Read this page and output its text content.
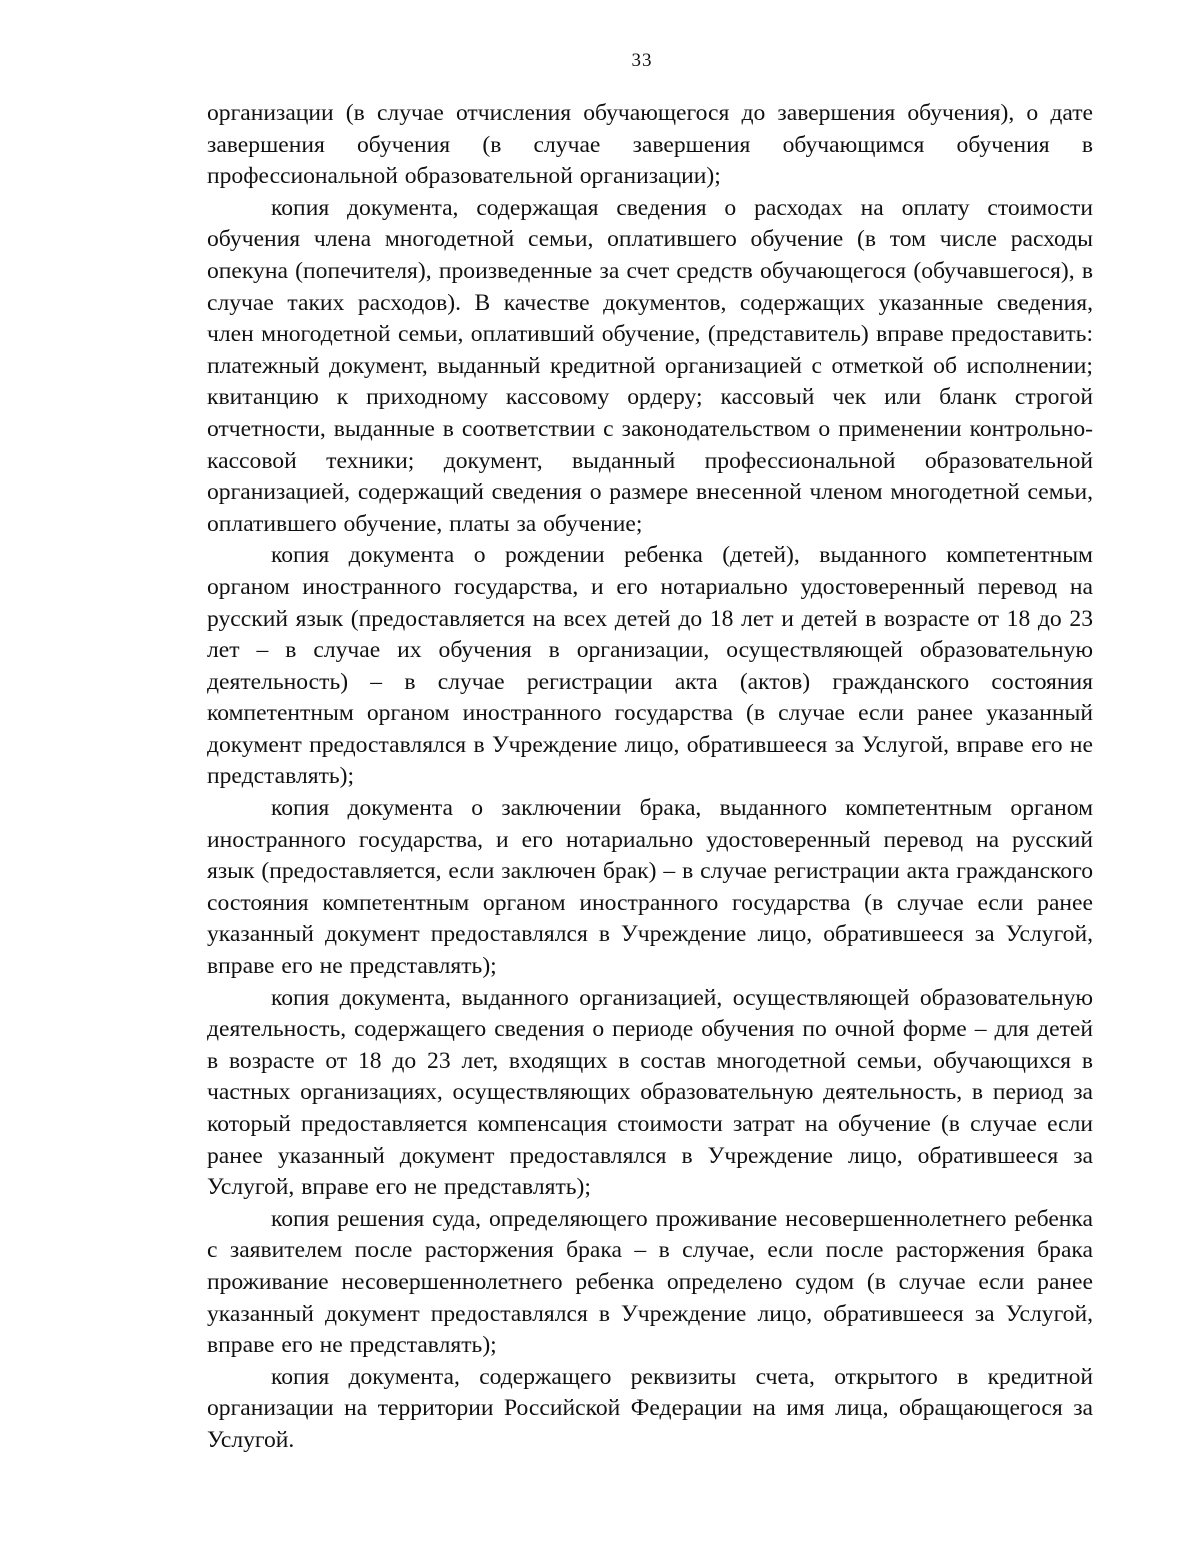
33

организации (в случае отчисления обучающегося до завершения обучения), о дате завершения обучения (в случае завершения обучающимся обучения в профессиональной образовательной организации);

копия документа, содержащая сведения о расходах на оплату стоимости обучения члена многодетной семьи, оплатившего обучение (в том числе расходы опекуна (попечителя), произведенные за счет средств обучающегося (обучавшегося), в случае таких расходов). В качестве документов, содержащих указанные сведения, член многодетной семьи, оплативший обучение, (представитель) вправе предоставить: платежный документ, выданный кредитной организацией с отметкой об исполнении; квитанцию к приходному кассовому ордеру; кассовый чек или бланк строгой отчетности, выданные в соответствии с законодательством о применении контрольно-кассовой техники; документ, выданный профессиональной образовательной организацией, содержащий сведения о размере внесенной членом многодетной семьи, оплатившего обучение, платы за обучение;

копия документа о рождении ребенка (детей), выданного компетентным органом иностранного государства, и его нотариально удостоверенный перевод на русский язык (предоставляется на всех детей до 18 лет и детей в возрасте от 18 до 23 лет – в случае их обучения в организации, осуществляющей образовательную деятельность) – в случае регистрации акта (актов) гражданского состояния компетентным органом иностранного государства (в случае если ранее указанный документ предоставлялся в Учреждение лицо, обратившееся за Услугой, вправе его не представлять);

копия документа о заключении брака, выданного компетентным органом иностранного государства, и его нотариально удостоверенный перевод на русский язык (предоставляется, если заключен брак) – в случае регистрации акта гражданского состояния компетентным органом иностранного государства (в случае если ранее указанный документ предоставлялся в Учреждение лицо, обратившееся за Услугой, вправе его не представлять);

копия документа, выданного организацией, осуществляющей образовательную деятельность, содержащего сведения о периоде обучения по очной форме – для детей в возрасте от 18 до 23 лет, входящих в состав многодетной семьи, обучающихся в частных организациях, осуществляющих образовательную деятельность, в период за который предоставляется компенсация стоимости затрат на обучение (в случае если ранее указанный документ предоставлялся в Учреждение лицо, обратившееся за Услугой, вправе его не представлять);

копия решения суда, определяющего проживание несовершеннолетнего ребенка с заявителем после расторжения брака – в случае, если после расторжения брака проживание несовершеннолетнего ребенка определено судом (в случае если ранее указанный документ предоставлялся в Учреждение лицо, обратившееся за Услугой, вправе его не представлять);

копия документа, содержащего реквизиты счета, открытого в кредитной организации на территории Российской Федерации на имя лица, обращающегося за Услугой.
